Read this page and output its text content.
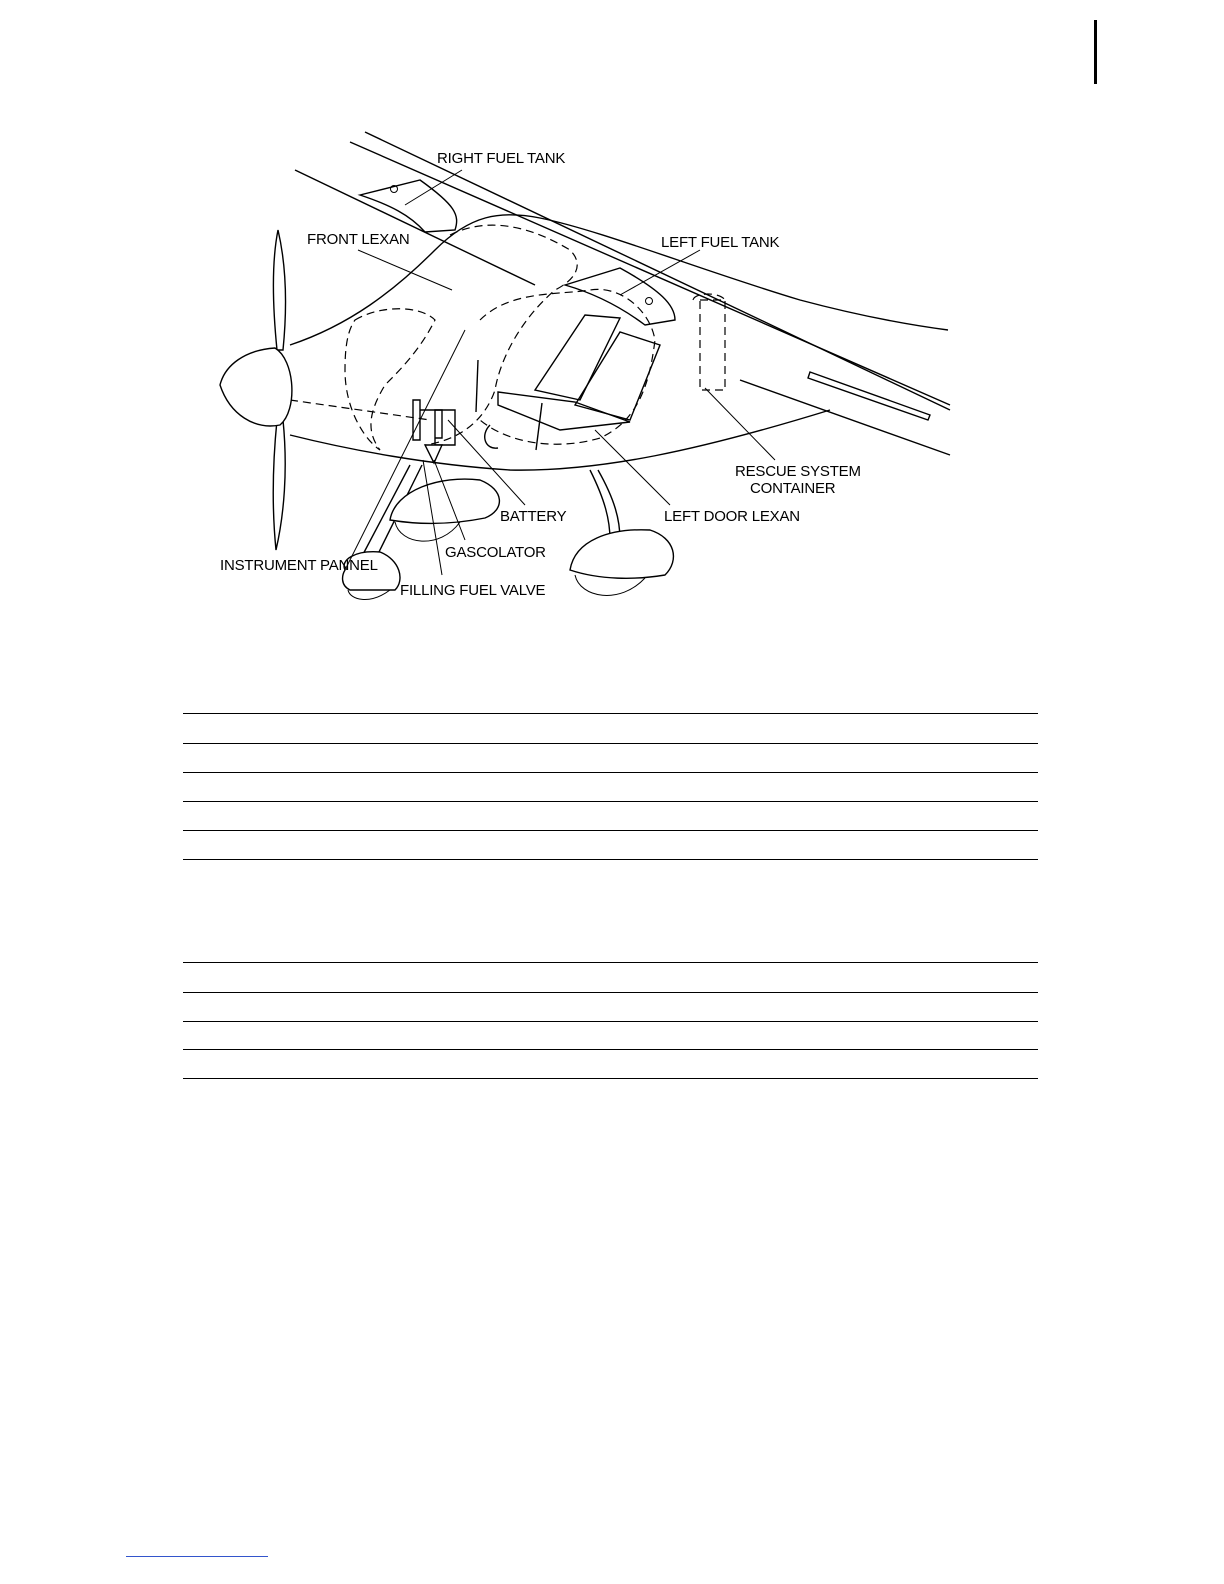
RIGHT FUEL TANK
FRONT LEXAN	LEFT FUEL TANK
RESCUE SYSTEM
CONTAINER
BATTERY	LEFT DOOR LEXAN
GASCOLATOR
INSTRUMENT PANNEL
FILLING FUEL VALVE
